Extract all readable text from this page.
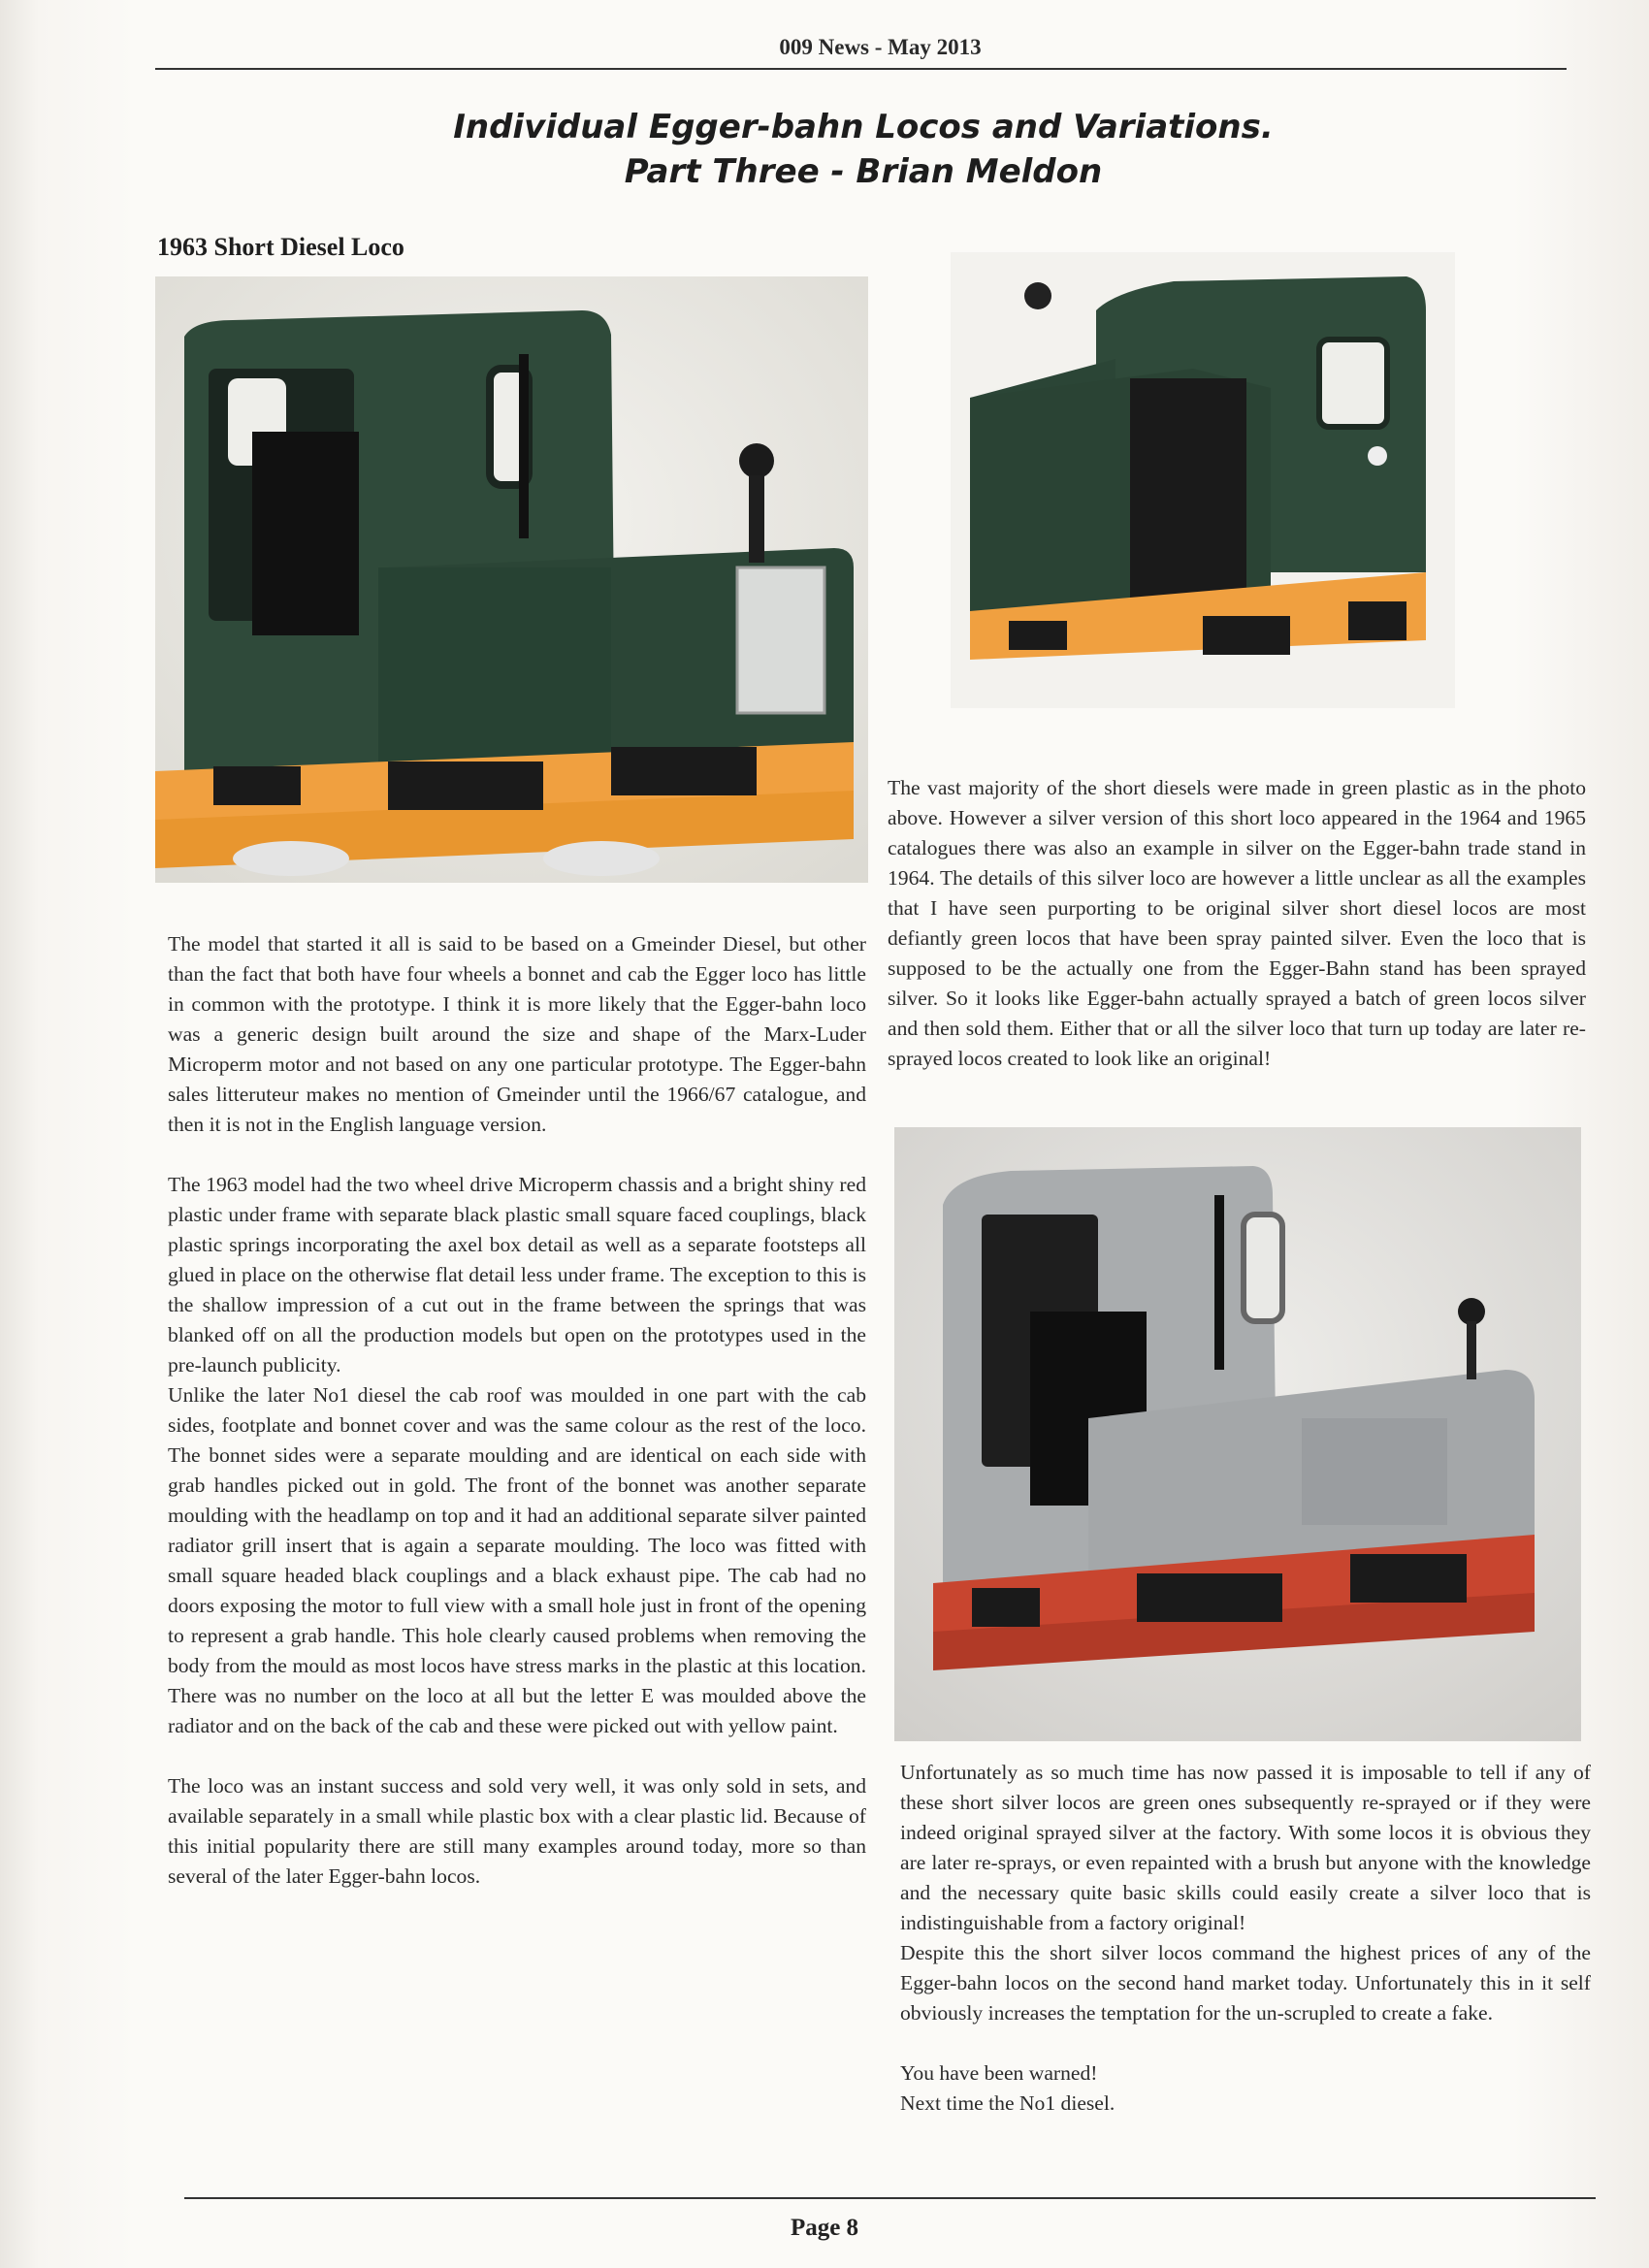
009 News - May 2013
Individual Egger-bahn Locos and Variations.
Part Three - Brian Meldon
1963 Short Diesel Loco

The model that started it all is said to be based on a Gmeinder Diesel, but other than the fact that both have four wheels a bonnet and cab the Egger loco has little in common with the prototype. I think it is more likely that the Egger-bahn loco was a generic design built around the size and shape of the Marx-Luder Microperm motor and not based on any one particular prototype. The Egger-bahn sales litteruteur makes no mention of Gmeinder until the 1966/67 catalogue, and then it is not in the English language version.

The 1963 model had the two wheel drive Microperm chassis and a bright shiny red plastic under frame with separate black plastic small square faced couplings, black plastic springs incorporating the axel box detail as well as a separate footsteps all glued in place on the otherwise flat detail less under frame. The exception to this is the shallow impression of a cut out in the frame between the springs that was blanked off on all the production models but open on the prototypes used in the pre-launch publicity.

Unlike the later No1 diesel the cab roof was moulded in one part with the cab sides, footplate and bonnet cover and was the same colour as the rest of the loco. The bonnet sides were a separate moulding and are identical on each side with grab handles picked out in gold. The front of the bonnet was another separate moulding with the headlamp on top and it had an additional separate silver painted radiator grill insert that is again a separate moulding. The loco was fitted with small square headed black couplings and a black exhaust pipe. The cab had no doors exposing the motor to full view with a small hole just in front of the opening to represent a grab handle. This hole clearly caused problems when removing the body from the mould as most locos have stress marks in the plastic at this location. There was no number on the loco at all but the letter E was moulded above the radiator and on the back of the cab and these were picked out with yellow paint.

The loco was an instant success and sold very well, it was only sold in sets, and available separately in a small while plastic box with a clear plastic lid. Because of this initial popularity there are still many examples around today, more so than several of the later Egger-bahn locos.

The vast majority of the short diesels were made in green plastic as in the photo above. However a silver version of this short loco appeared in the 1964 and 1965 catalogues there was also an example in silver on the Egger-bahn trade stand in 1964. The details of this silver loco are however a little unclear as all the examples that I have seen purporting to be original silver short diesel locos are most defiantly green locos that have been spray painted silver. Even the loco that is supposed to be the actually one from the Egger-Bahn stand has been sprayed silver. So it looks like Egger-bahn actually sprayed a batch of green locos silver and then sold them. Either that or all the silver loco that turn up today are later re-sprayed locos created to look like an original!

Unfortunately as so much time has now passed it is imposable to tell if any of these short silver locos are green ones subsequently re-sprayed or if they were indeed original sprayed silver at the factory. With some locos it is obvious they are later re-sprays, or even repainted with a brush but anyone with the knowledge and the necessary quite basic skills could easily create a silver loco that is indistinguishable from a factory original!

Despite this the short silver locos command the highest prices of any of the Egger-bahn locos on the second hand market today. Unfortunately this in it self obviously increases the temptation for the un-scrupled to create a fake.

You have been warned!

Next time the No1 diesel.

Page 8
